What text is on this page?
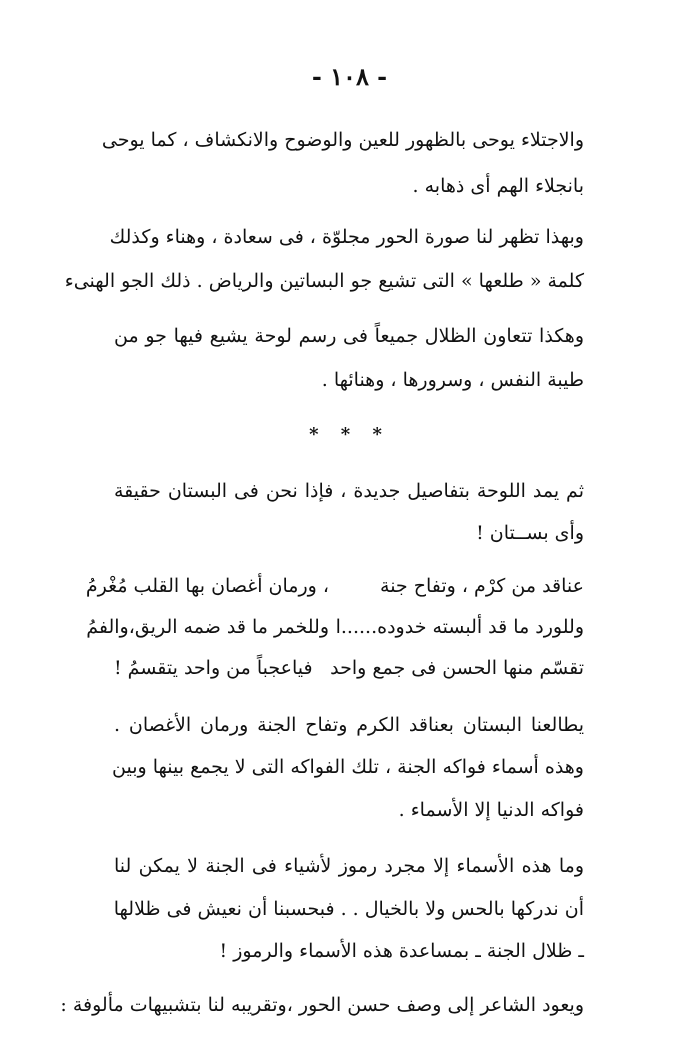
- ١٠٨ -
والاجتلاء يوحى بالظهور للعين والوضوح والانكشاف ، كما يوحى
بانجلاء الهم أى ذهابه .
وبهذا تظهر لنا صورة الحور مجلوّة ، فى سعادة ، وهناء وكذلك
كلمة « طلعها » التى تشيع جو البساتين والرياض . ذلك الجو الهنىء
وهكذا تتعاون الظلال جميعاً فى رسم لوحة يشيع فيها جو من
طيبة النفس ، وسرورها ، وهنائها .
* * *
ثم يمد اللوحة بتفاصيل جديدة ، فإذا نحن فى البستان حقيقة
وأى بســتان !
عناقد من كرْم ، وتفاح جنة
، ورمان أغصان بها القلب مُغْرمُ
وللورد ما قد ألبسته خدوده......ا
وللخمر ما قد ضمه الريق،والفمُ
تقسّم منها الحسن فى جمع واحد
فياعجباً من واحد يتقسمُ !
يطالعنا البستان بعناقد الكرم وتفاح الجنة ورمان الأغصان .
وهذه أسماء فواكه الجنة ، تلك الفواكه التى لا يجمع بينها وبين
فواكه الدنيا إلا الأسماء .
وما هذه الأسماء إلا مجرد رموز لأشياء فى الجنة لا يمكن لنا
أن ندركها بالحس ولا بالخيال . . فبحسبنا أن نعيش فى ظلالها
ـ ظلال الجنة ـ بمساعدة هذه الأسماء والرموز !
ويعود الشاعر إلى وصف حسن الحور ،وتقريبه لنا بتشبيهات مألوفة :
